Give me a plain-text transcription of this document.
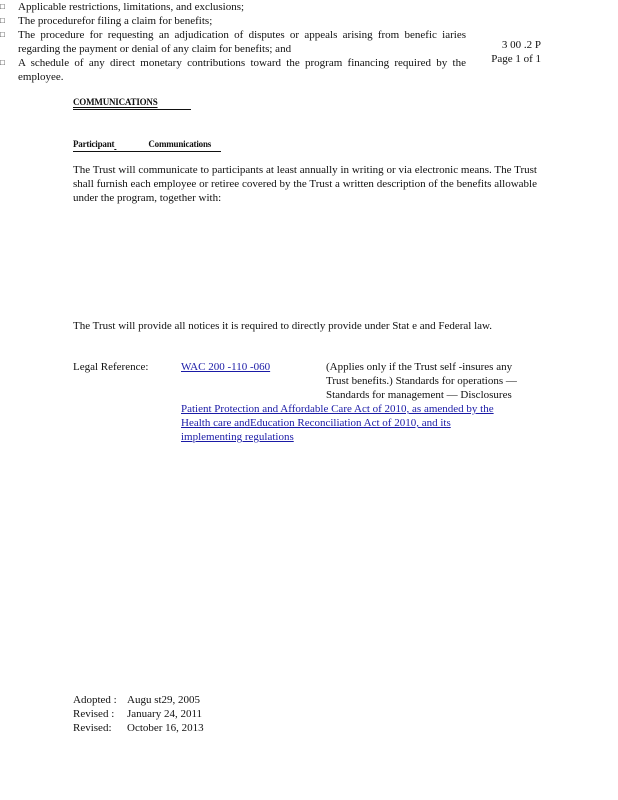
3 00 .2 P
Page 1 of 1
COMMUNICATIONS
Participant	Communications
The Trust will communicate to participants at least annually in writing or via electronic means. The Trust shall furnish each employee or retiree covered by the Trust a written description of the benefits allowable under the program, together with:
□ Applicable restrictions, limitations, and exclusions;
□ The procedurefor filing a claim for benefits;
□ The procedure for requesting an adjudication of disputes or appeals arising from benefic iaries regarding the payment or denial of any claim for benefits; and
□ A schedule of any direct monetary contributions toward the program financing required by the employee.
The Trust will provide all notices it is required to directly provide under Stat e and Federal law.
Legal Reference:	WAC 200 -110 -060	(Applies only if the Trust self -insures any
Trust benefits.) Standards for operations —
Standards for management — Disclosures
Patient Protection and Affordable Care Act of 2010, as amended by the
Health care andEducation Reconciliation Act of 2010, and its
implementing regulations
Adopted : Augu st29, 2005
Revised :	January 24, 2011
Revised:	October 16, 2013
